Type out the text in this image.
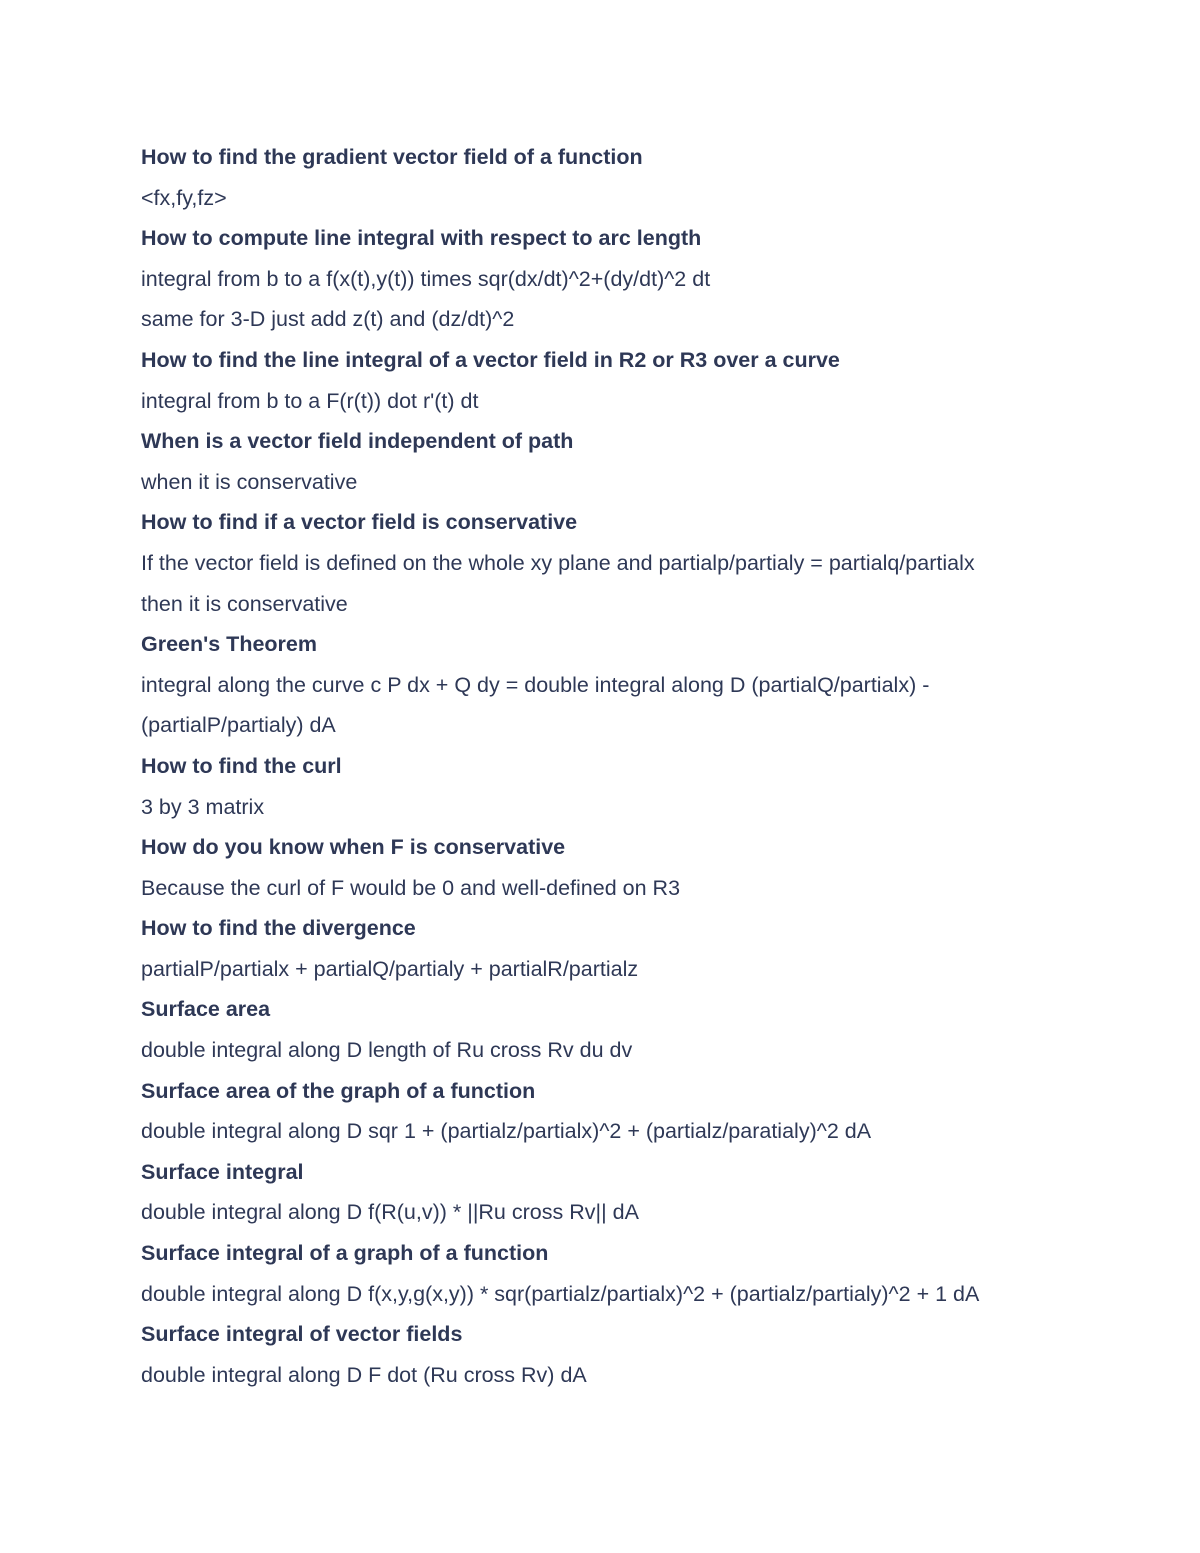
How to find the gradient vector field of a function
<fx,fy,fz>
How to compute line integral with respect to arc length
integral from b to a f(x(t),y(t)) times sqr(dx/dt)^2+(dy/dt)^2 dt
same for 3-D just add z(t) and (dz/dt)^2
How to find the line integral of a vector field in R2 or R3 over a curve
integral from b to a F(r(t)) dot r'(t) dt
When is a vector field independent of path
when it is conservative
How to find if a vector field is conservative
If the vector field is defined on the whole xy plane and partialp/partialy = partialq/partialx
then it is conservative
Green's Theorem
integral along the curve c P dx + Q dy = double integral along D (partialQ/partialx) -
(partialP/partialy) dA
How to find the curl
3 by 3 matrix
How do you know when F is conservative
Because the curl of F would be 0 and well-defined on R3
How to find the divergence
partialP/partialx + partialQ/partialy + partialR/partialz
Surface area
double integral along D length of Ru cross Rv du dv
Surface area of the graph of a function
double integral along D sqr 1 + (partialz/partialx)^2 + (partialz/paratialy)^2 dA
Surface integral
double integral along D f(R(u,v)) * ||Ru cross Rv|| dA
Surface integral of a graph of a function
double integral along D f(x,y,g(x,y)) * sqr(partialz/partialx)^2 + (partialz/partialy)^2 + 1 dA
Surface integral of vector fields
double integral along D F dot (Ru cross Rv) dA
